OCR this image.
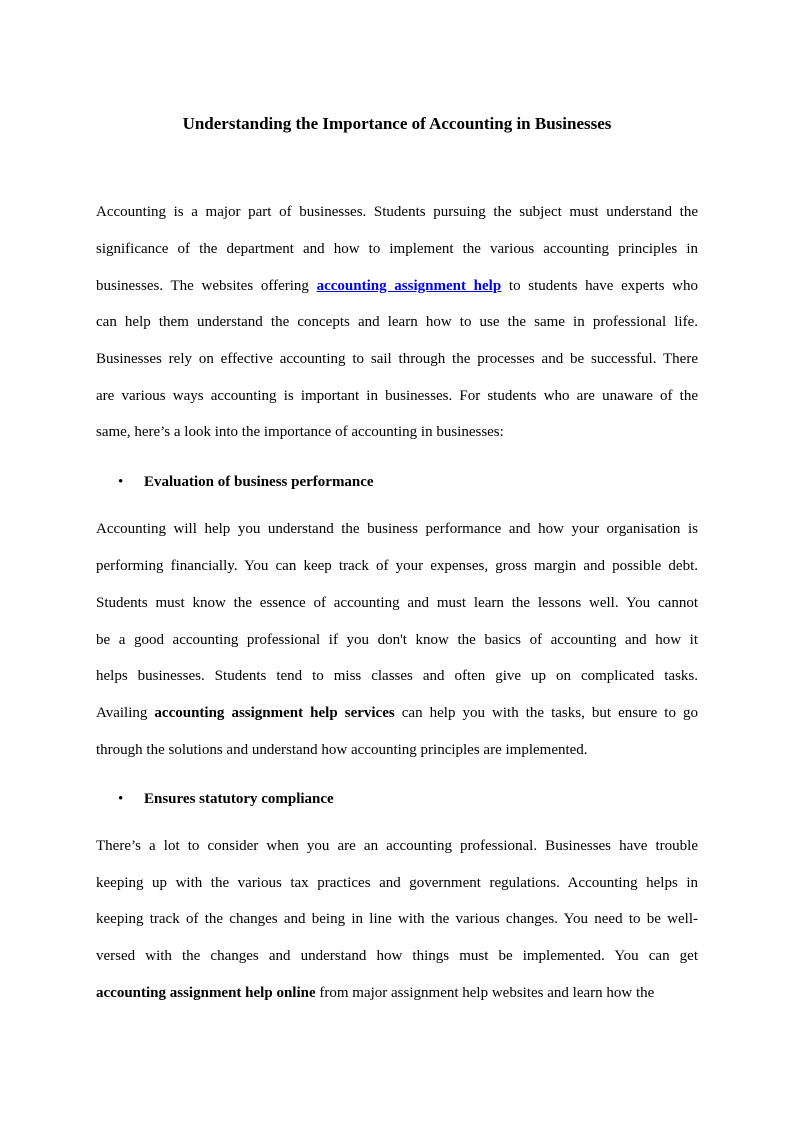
Understanding the Importance of Accounting in Businesses
Accounting is a major part of businesses. Students pursuing the subject must understand the
significance of the department and how to implement the various accounting principles in
businesses. The websites offering accounting assignment help to students have experts who
can help them understand the concepts and learn how to use the same in professional life.
Businesses rely on effective accounting to sail through the processes and be successful. There
are various ways accounting is important in businesses. For students who are unaware of the
same, here’s a look into the importance of accounting in businesses:
• Evaluation of business performance
Accounting will help you understand the business performance and how your organisation is
performing financially. You can keep track of your expenses, gross margin and possible debt.
Students must know the essence of accounting and must learn the lessons well. You cannot
be a good accounting professional if you don't know the basics of accounting and how it
helps businesses. Students tend to miss classes and often give up on complicated tasks.
Availing accounting assignment help services can help you with the tasks, but ensure to go
through the solutions and understand how accounting principles are implemented.
• Ensures statutory compliance
There’s a lot to consider when you are an accounting professional. Businesses have trouble
keeping up with the various tax practices and government regulations. Accounting helps in
keeping track of the changes and being in line with the various changes. You need to be well-
versed with the changes and understand how things must be implemented. You can get
accounting assignment help online from major assignment help websites and learn how the
